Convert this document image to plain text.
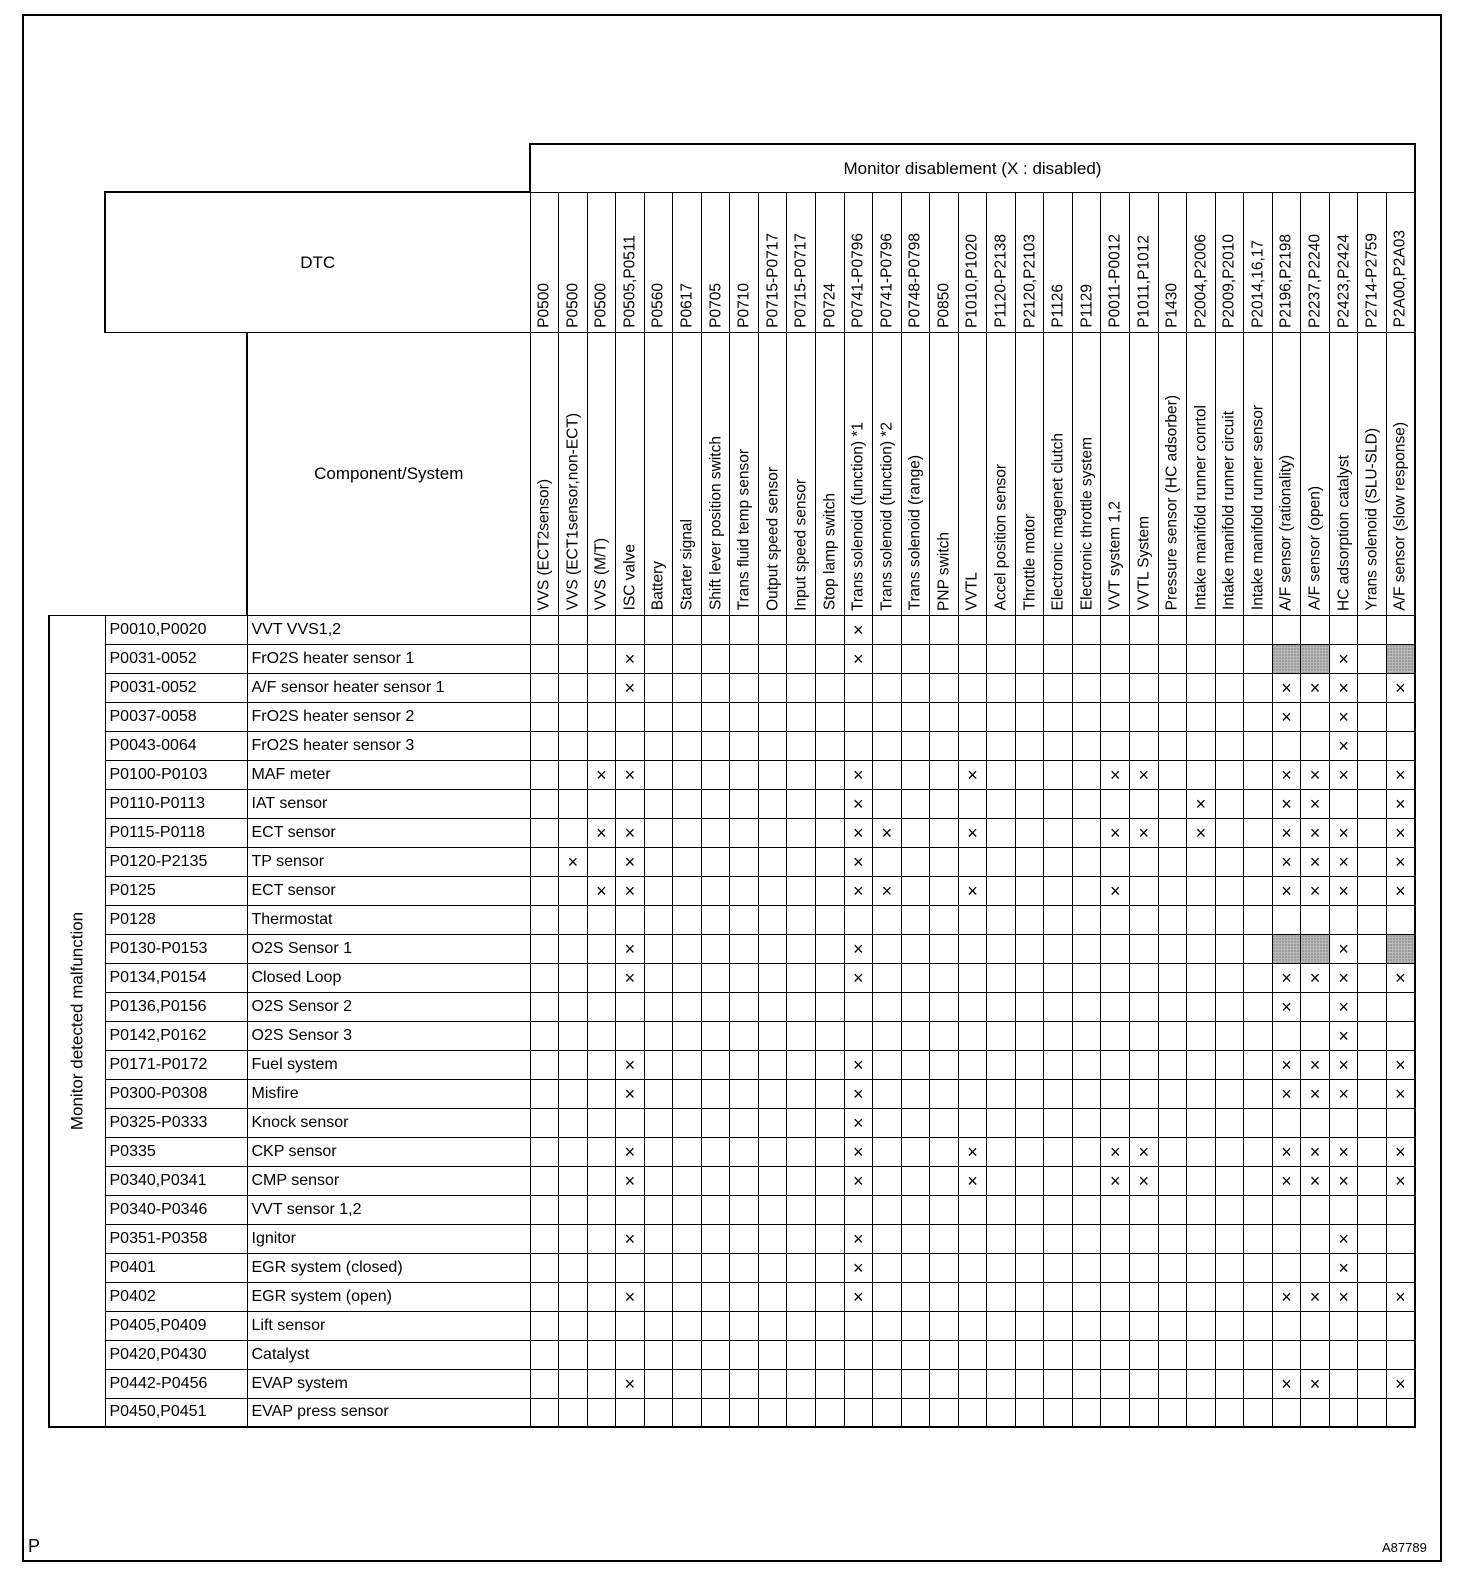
P	A87789
			Monitor disablement (X : disabled)																														
	DTC		P0500	P0500	P0500	P0505,P0511	P0560	P0617	P0705	P0710	P0715-P0717	P0715-P0717	P0724	P0741-P0796	P0741-P0796	P0748-P0798	P0850	P1010,P1020	P1120-P2138	P2120,P2103	P1126	P1129	P0011-P0012	P1011,P1012	P1430	P2004,P2006	P2009,P2010	P2014,16,17	P2196,P2198	P2237,P2240	P2423,P2424	P2714-P2759	P2A00,P2A03

		Component/System	VVS (ECT2sensor)	VVS (ECT1sensor,non-ECT)	VVS (M/T)	ISC valve	Battery	Starter signal	Shift lever position switch	Trans fluid temp sensor	Output speed sensor	Input speed sensor	Stop lamp switch	Trans solenoid (function) *1	Trans solenoid (function) *2	Trans solenoid (range)	PNP switch	VVTL	Accel position sensor	Throttle motor	Electronic magenet clutch	Electronic throttle system	VVT system 1,2	VVTL System	Pressure sensor (HC adsorber)	Intake manifold runner conrtol	Intake manifold runner circuit	Intake manifold runner sensor	A/F sensor (rationality)	A/F sensor (open)	HC adsorption catalyst	Yrans solenoid (SLU-SLD)	A/F sensor (slow response)

Monitor detected malfunction	P0010,P0020	VVT VVS1,2												×																			
	P0031-0052	FrO2S heater sensor 1				×								×																	×		
	P0031-0052	A/F sensor heater sensor 1				×																							×	×	×		×
	P0037-0058	FrO2S heater sensor 2																											×		×		
	P0043-0064	FrO2S heater sensor 3																													×		
	P0100-P0103	MAF meter			×	×								×				×					×	×					×	×	×		×
	P0110-P0113	IAT sensor												×												×			×	×			×
	P0115-P0118	ECT sensor			×	×								×	×			×					×	×		×			×	×	×		×
	P0120-P2135	TP sensor		×		×								×															×	×	×		×
	P0125	ECT sensor			×	×								×	×			×					×						×	×	×		×
	P0128	Thermostat																															
	P0130-P0153	O2S Sensor 1				×								×																	×		
	P0134,P0154	Closed Loop				×								×															×	×	×		×
	P0136,P0156	O2S Sensor 2																											×		×		
	P0142,P0162	O2S Sensor 3																													×		
	P0171-P0172	Fuel system				×								×															×	×	×		×
	P0300-P0308	Misfire				×								×															×	×	×		×
	P0325-P0333	Knock sensor												×																			
	P0335	CKP sensor				×								×				×					×	×					×	×	×		×
	P0340,P0341	CMP sensor				×								×				×					×	×					×	×	×		×
	P0340-P0346	VVT sensor 1,2																															
	P0351-P0358	Ignitor				×								×																	×		
	P0401	EGR system (closed)												×																	×		
	P0402	EGR system (open)				×								×															×	×	×		×
	P0405,P0409	Lift sensor																															
	P0420,P0430	Catalyst																															
	P0442-P0456	EVAP system				×																							×	×			×
	P0450,P0451	EVAP press sensor																															
